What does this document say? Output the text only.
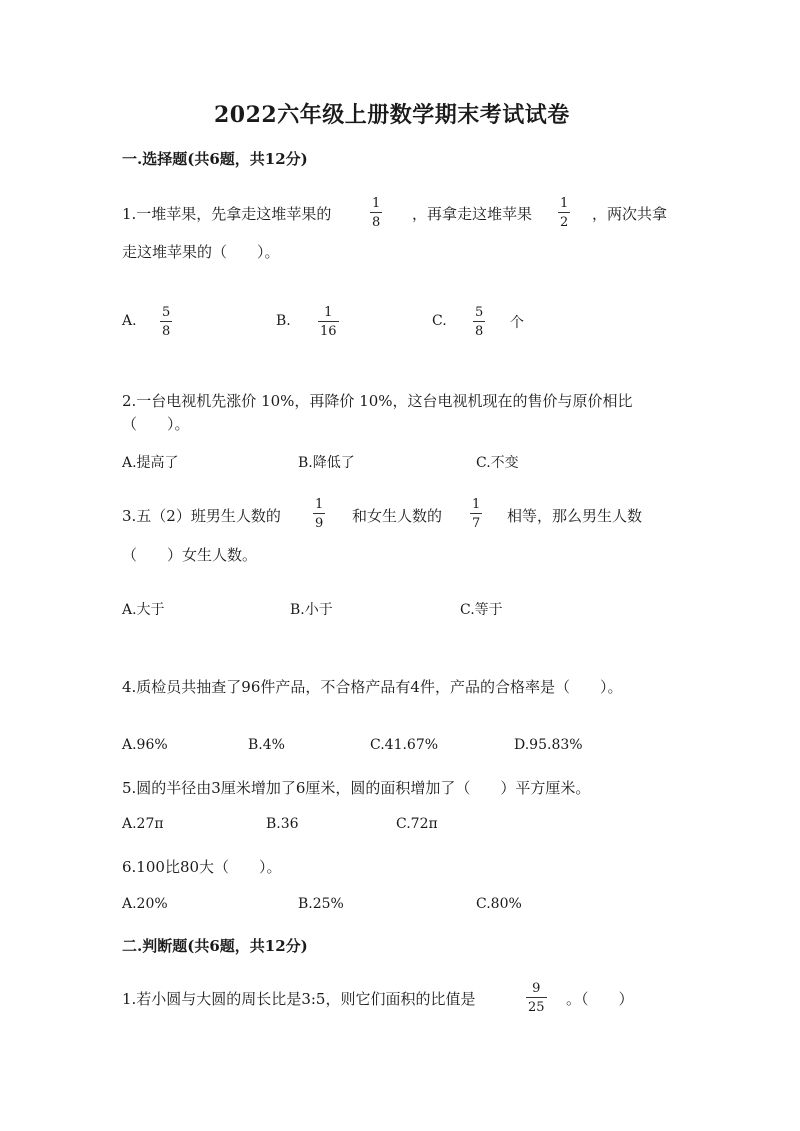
2022六年级上册数学期末考试试卷
一.选择题(共6题，共12分)
1.一堆苹果，先拿走这堆苹果的
1
8 ，再拿走这堆苹果
1
2 ，两次共拿
走这堆苹果的（　　）。
A.
5
8
B.
1
16
C.
5
8
个
2.一台电视机先涨价 10%，再降价 10%，这台电视机现在的售价与原价相比
（　　）。
A.提高了	B.降低了	C.不变
3.五（2）班男生人数的
1
9 和女生人数的
1
7 相等，那么男生人数
（　　）女生人数。
A.大于	B.小于	C.等于
4.质检员共抽查了96件产品，不合格产品有4件，产品的合格率是（　　）。
A.96%	B.4%	C.41.67%	D.95.83%
5.圆的半径由3厘米增加了6厘米，圆的面积增加了（　　）平方厘米。
A.27π	B.36	C.72π
6.100比80大（　　）。
A.20%	B.25%	C.80%
二.判断题(共6题，共12分)
1.若小圆与大圆的周长比是3:5，则它们面积的比值是
9
25 。（　　）
